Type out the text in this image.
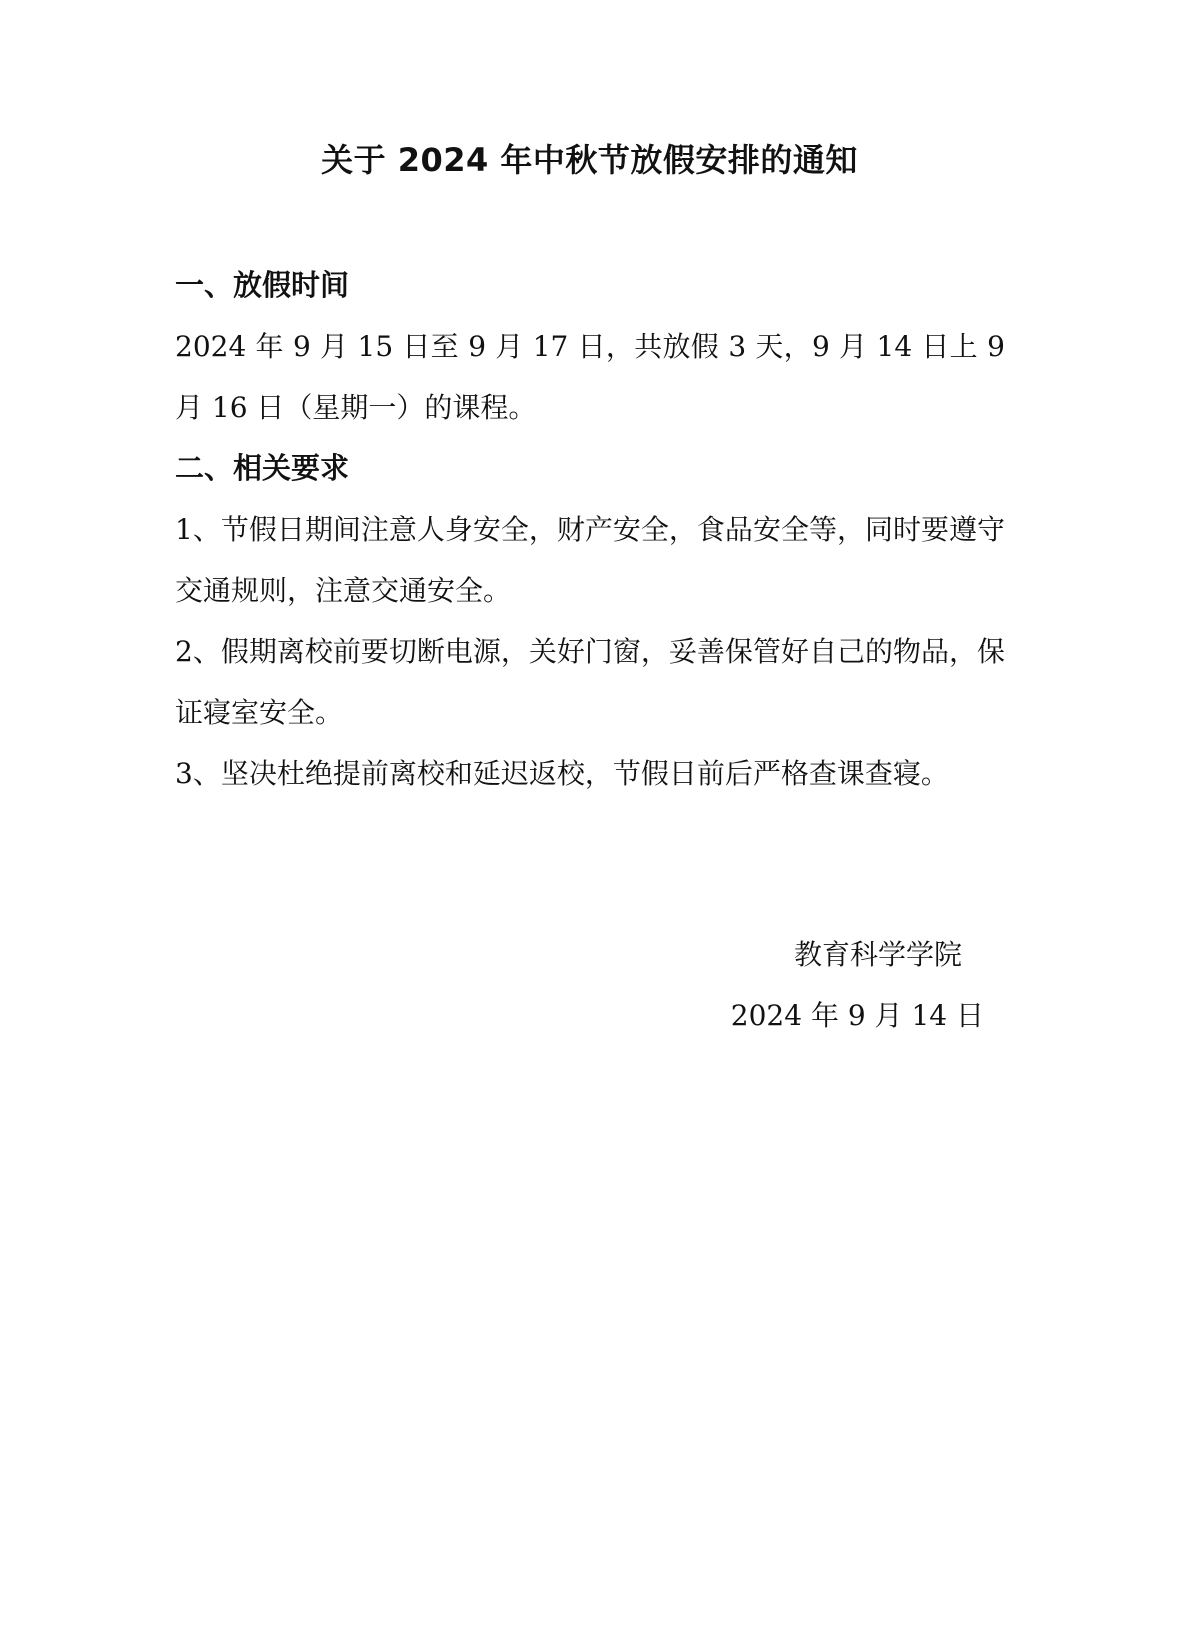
关于 2024 年中秋节放假安排的通知
一、放假时间

2024 年 9 月 15 日至 9 月 17 日，共放假 3 天，9 月 14 日上 9 月 16 日（星期一）的课程。

二、相关要求

1、节假日期间注意人身安全，财产安全，食品安全等，同时要遵守交通规则，注意交通安全。

2、假期离校前要切断电源，关好门窗，妥善保管好自己的物品，保证寝室安全。

3、坚决杜绝提前离校和延迟返校，节假日前后严格查课查寝。

教育科学学院
2024 年 9 月 14 日
